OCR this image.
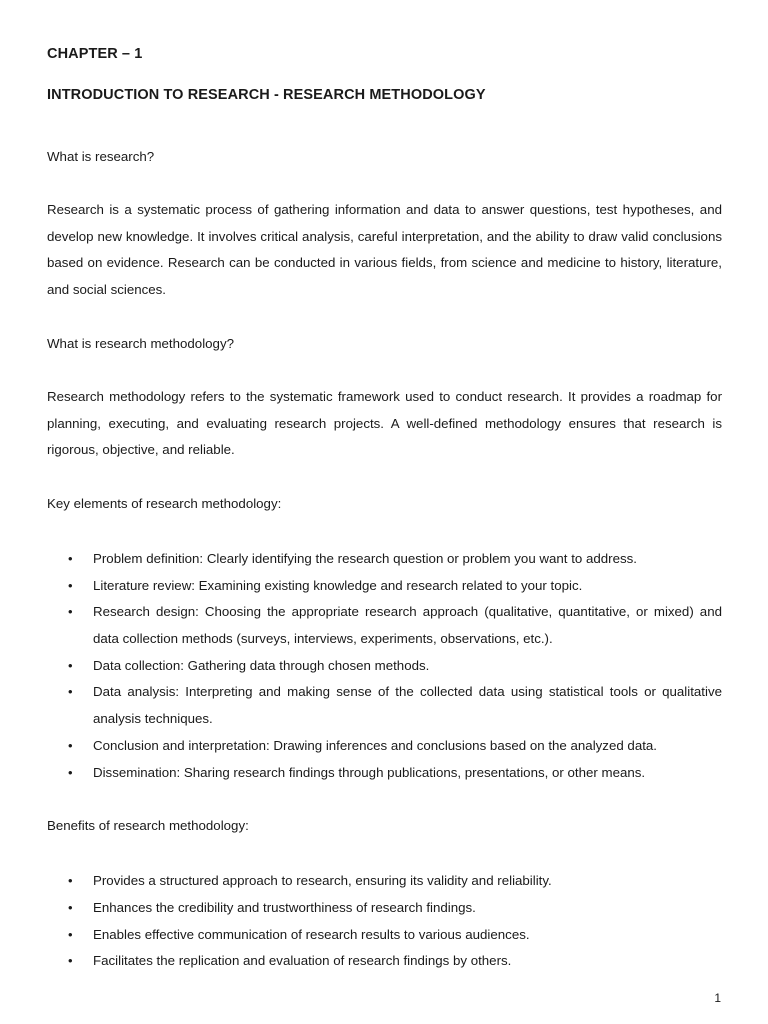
CHAPTER – 1

INTRODUCTION TO RESEARCH - RESEARCH METHODOLOGY

What is research?

Research is a systematic process of gathering information and data to answer questions, test hypotheses, and develop new knowledge. It involves critical analysis, careful interpretation, and the ability to draw valid conclusions based on evidence. Research can be conducted in various fields, from science and medicine to history, literature, and social sciences.

What is research methodology?

Research methodology refers to the systematic framework used to conduct research. It provides a roadmap for planning, executing, and evaluating research projects. A well-defined methodology ensures that research is rigorous, objective, and reliable.

Key elements of research methodology:

• Problem definition: Clearly identifying the research question or problem you want to address.
• Literature review: Examining existing knowledge and research related to your topic.
• Research design: Choosing the appropriate research approach (qualitative, quantitative, or mixed) and data collection methods (surveys, interviews, experiments, observations, etc.).
• Data collection: Gathering data through chosen methods.
• Data analysis: Interpreting and making sense of the collected data using statistical tools or qualitative analysis techniques.
• Conclusion and interpretation: Drawing inferences and conclusions based on the analyzed data.
• Dissemination: Sharing research findings through publications, presentations, or other means.

Benefits of research methodology:

• Provides a structured approach to research, ensuring its validity and reliability.
• Enhances the credibility and trustworthiness of research findings.
• Enables effective communication of research results to various audiences.
• Facilitates the replication and evaluation of research findings by others.
1
